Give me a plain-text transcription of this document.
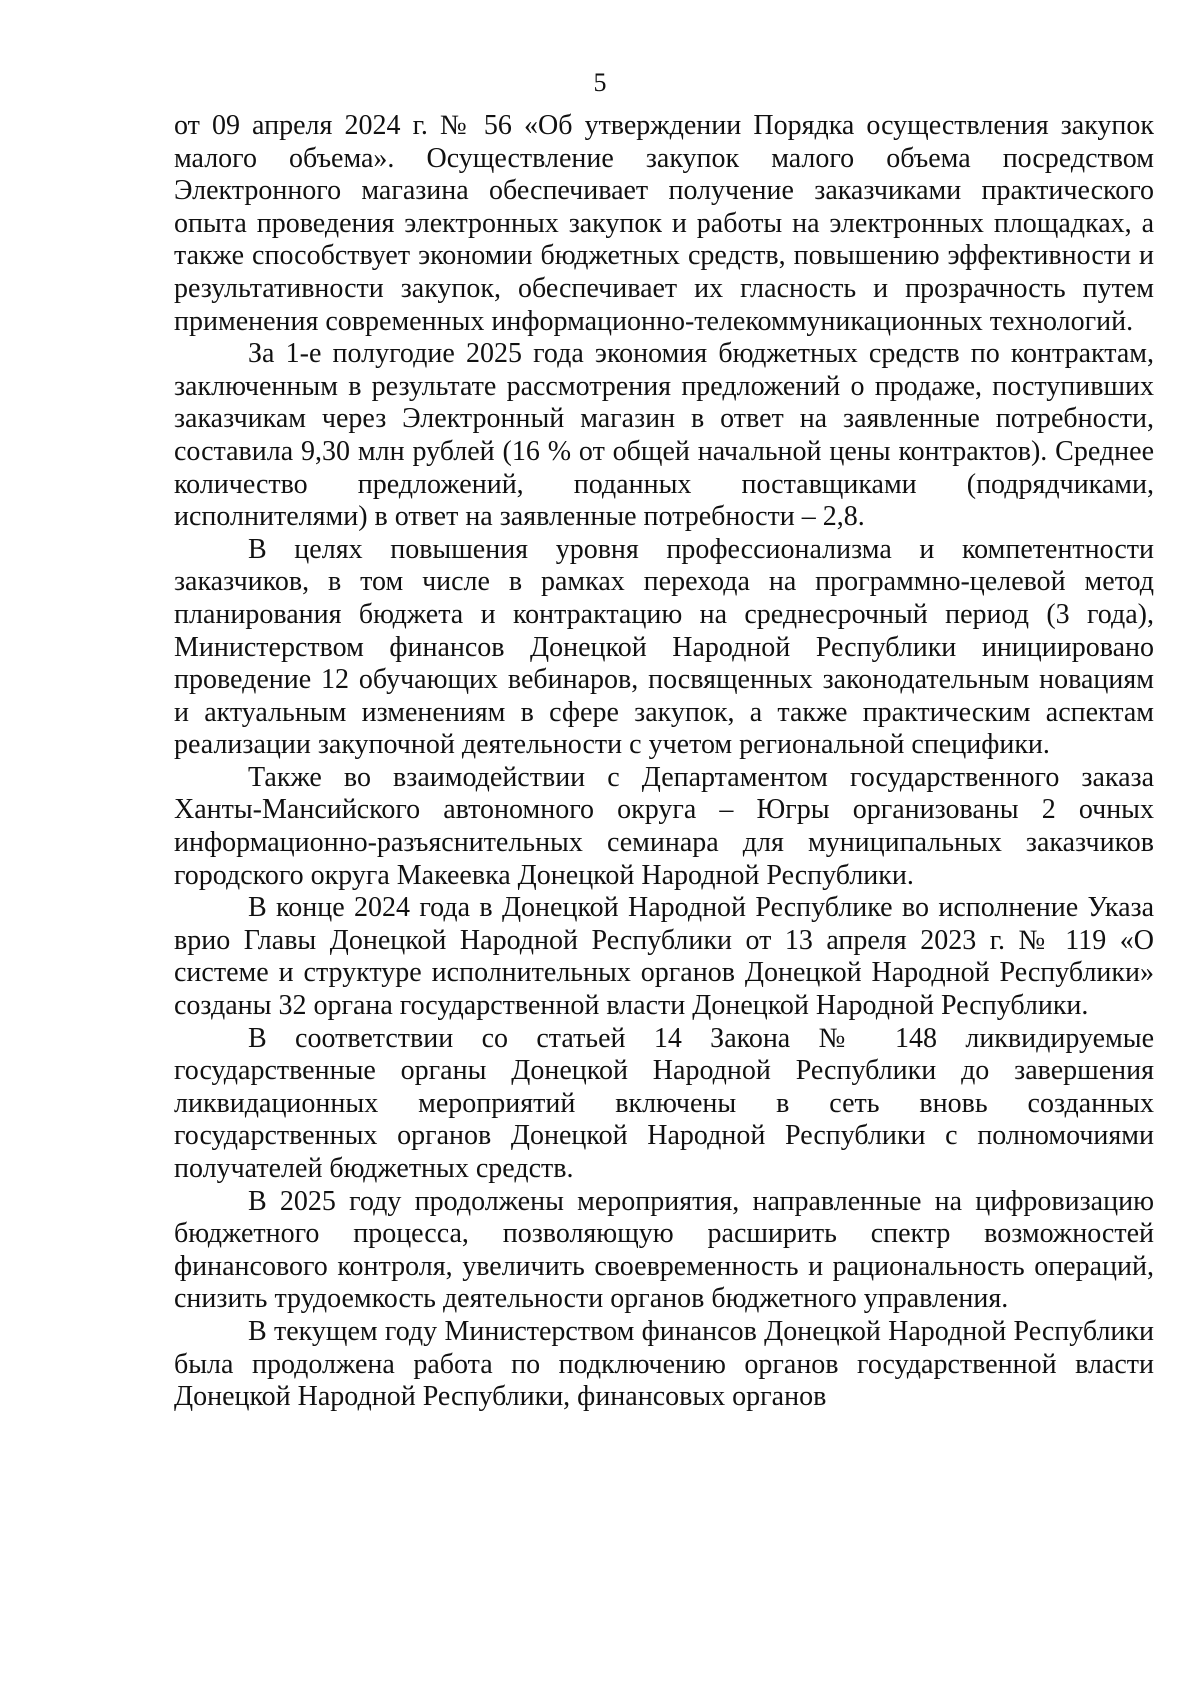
5

от 09 апреля 2024 г. № 56 «Об утверждении Порядка осуществления закупок малого объема». Осуществление закупок малого объема посредством Электронного магазина обеспечивает получение заказчиками практического опыта проведения электронных закупок и работы на электронных площадках, а также способствует экономии бюджетных средств, повышению эффективности и результативности закупок, обеспечивает их гласность и прозрачность путем применения современных информационно-телекоммуникационных технологий.

За 1-е полугодие 2025 года экономия бюджетных средств по контрактам, заключенным в результате рассмотрения предложений о продаже, поступивших заказчикам через Электронный магазин в ответ на заявленные потребности, составила 9,30 млн рублей (16 % от общей начальной цены контрактов). Среднее количество предложений, поданных поставщиками (подрядчиками, исполнителями) в ответ на заявленные потребности – 2,8.

В целях повышения уровня профессионализма и компетентности заказчиков, в том числе в рамках перехода на программно-целевой метод планирования бюджета и контрактацию на среднесрочный период (3 года), Министерством финансов Донецкой Народной Республики инициировано проведение 12 обучающих вебинаров, посвященных законодательным новациям и актуальным изменениям в сфере закупок, а также практическим аспектам реализации закупочной деятельности с учетом региональной специфики.

Также во взаимодействии с Департаментом государственного заказа Ханты-Мансийского автономного округа – Югры организованы 2 очных информационно-разъяснительных семинара для муниципальных заказчиков городского округа Макеевка Донецкой Народной Республики.

В конце 2024 года в Донецкой Народной Республике во исполнение Указа врио Главы Донецкой Народной Республики от 13 апреля 2023 г. № 119 «О системе и структуре исполнительных органов Донецкой Народной Республики» созданы 32 органа государственной власти Донецкой Народной Республики.

В соответствии со статьей 14 Закона № 148 ликвидируемые государственные органы Донецкой Народной Республики до завершения ликвидационных мероприятий включены в сеть вновь созданных государственных органов Донецкой Народной Республики с полномочиями получателей бюджетных средств.

В 2025 году продолжены мероприятия, направленные на цифровизацию бюджетного процесса, позволяющую расширить спектр возможностей финансового контроля, увеличить своевременность и рациональность операций, снизить трудоемкость деятельности органов бюджетного управления.

В текущем году Министерством финансов Донецкой Народной Республики была продолжена работа по подключению органов государственной власти Донецкой Народной Республики, финансовых органов
